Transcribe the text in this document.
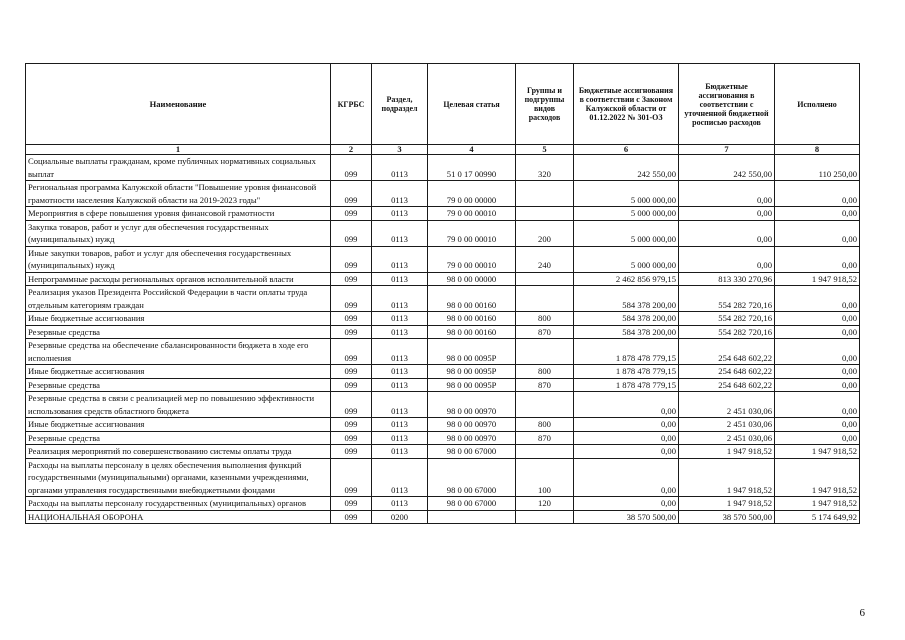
Наименование	КГРБС	Раздел, подраздел	Целевая статья	Группы и подгруппы видов расходов	Бюджетные ассигнования в соответствии с Законом Калужской области от 01.12.2022 № 301-ОЗ	Бюджетные ассигнования в соответствии с уточненной бюджетной росписью расходов	Исполнено
1	2	3	4	5	6	7	8
Социальные выплаты гражданам, кроме публичных нормативных социальных выплат	099	0113	51 0 17 00990	320	242 550,00	242 550,00	110 250,00
Региональная программа Калужской области "Повышение уровня финансовой грамотности населения Калужской области на 2019-2023 годы"	099	0113	79 0 00 00000		5 000 000,00	0,00	0,00
Мероприятия в сфере повышения уровня финансовой грамотности	099	0113	79 0 00 00010		5 000 000,00	0,00	0,00
Закупка товаров, работ и услуг для обеспечения государственных (муниципальных) нужд	099	0113	79 0 00 00010	200	5 000 000,00	0,00	0,00
Иные закупки товаров, работ и услуг для обеспечения государственных (муниципальных) нужд	099	0113	79 0 00 00010	240	5 000 000,00	0,00	0,00
Непрограммные расходы региональных органов исполнительной власти	099	0113	98 0 00 00000		2 462 856 979,15	813 330 270,96	1 947 918,52
Реализация указов Президента Российской Федерации в части оплаты труда отдельным категориям граждан	099	0113	98 0 00 00160		584 378 200,00	554 282 720,16	0,00
Иные бюджетные ассигнования	099	0113	98 0 00 00160	800	584 378 200,00	554 282 720,16	0,00
Резервные средства	099	0113	98 0 00 00160	870	584 378 200,00	554 282 720,16	0,00
Резервные средства на обеспечение сбалансированности бюджета в ходе его исполнения	099	0113	98 0 00 0095Р		1 878 478 779,15	254 648 602,22	0,00
Иные бюджетные ассигнования	099	0113	98 0 00 0095Р	800	1 878 478 779,15	254 648 602,22	0,00
Резервные средства	099	0113	98 0 00 0095Р	870	1 878 478 779,15	254 648 602,22	0,00
Резервные средства в связи с реализацией мер по повышению эффективности использования средств областного бюджета	099	0113	98 0 00 00970		0,00	2 451 030,06	0,00
Иные бюджетные ассигнования	099	0113	98 0 00 00970	800	0,00	2 451 030,06	0,00
Резервные средства	099	0113	98 0 00 00970	870	0,00	2 451 030,06	0,00
Реализация мероприятий по совершенствованию системы оплаты труда	099	0113	98 0 00 67000		0,00	1 947 918,52	1 947 918,52
Расходы на выплаты персоналу в целях обеспечения выполнения функций государственными (муниципальными) органами, казенными учреждениями, органами управления государственными внебюджетными фондами	099	0113	98 0 00 67000	100	0,00	1 947 918,52	1 947 918,52
Расходы на выплаты персоналу государственных (муниципальных) органов	099	0113	98 0 00 67000	120	0,00	1 947 918,52	1 947 918,52
НАЦИОНАЛЬНАЯ ОБОРОНА	099	0200			38 570 500,00	38 570 500,00	5 174 649,92
6
